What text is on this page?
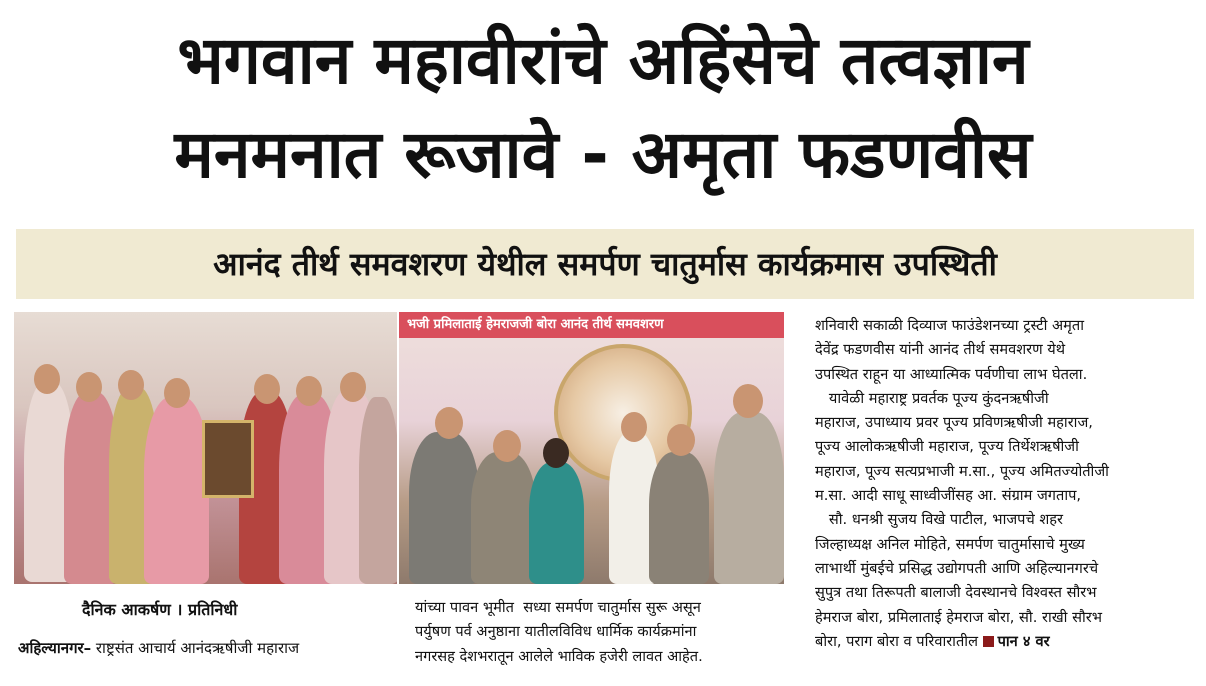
भगवान महावीरांचे अहिंसेचे तत्वज्ञान
मनमनात रूजावे - अमृता फडणवीस
आनंद तीर्थ समवशरण येथील समर्पण चातुर्मास कार्यक्रमास उपस्थिती
भजी प्रमिलाताई हेमराजजी बोरा आनंद तीर्थ समवशरण	शनिवारी सकाळी दिव्याज फाउंडेशनच्या ट्रस्टी अमृता
देवेंद्र फडणवीस यांनी आनंद तीर्थ समवशरण येथे
उपस्थित राहून या आध्यात्मिक पर्वणीचा लाभ घेतला.
यावेळी महाराष्ट्र प्रवर्तक पूज्य कुंदनऋषीजी
महाराज, उपाध्याय प्रवर पूज्य प्रविणऋषीजी महाराज,
पूज्य आलोकऋषीजी महाराज, पूज्य तिर्थेशऋषीजी
महाराज, पूज्य सत्यप्रभाजी म.सा., पूज्य अमितज्योतीजी
म.सा. आदी साधू साध्वीजींसह आ. संग्राम जगताप,
सौ. धनश्री सुजय विखे पाटील, भाजपचे शहर
जिल्हाध्यक्ष अनिल मोहिते, समर्पण चातुर्मासाचे मुख्य
लाभार्थी मुंबईचे प्रसिद्ध उद्योगपती आणि अहिल्यानगरचे
सुपुत्र तथा तिरूपती बालाजी देवस्थानचे विश्वस्त सौरभ
हेमराज बोरा, प्रमिलाताई हेमराज बोरा, सौ. राखी सौरभ
बोरा, पराग बोरा व परिवारातील पान ४ वर
दैनिक आकर्षण । प्रतिनिधी
अहिल्यानगर– राष्ट्रसंत आचार्य आनंदऋषीजी महाराज
यांच्या पावन भूमीत  सध्या समर्पण चातुर्मास सुरू असून
पर्युषण पर्व अनुष्ठाना यातीलविविध धार्मिक कार्यक्रमांना
नगरसह देशभरातून आलेले भाविक हजेरी लावत आहेत.
